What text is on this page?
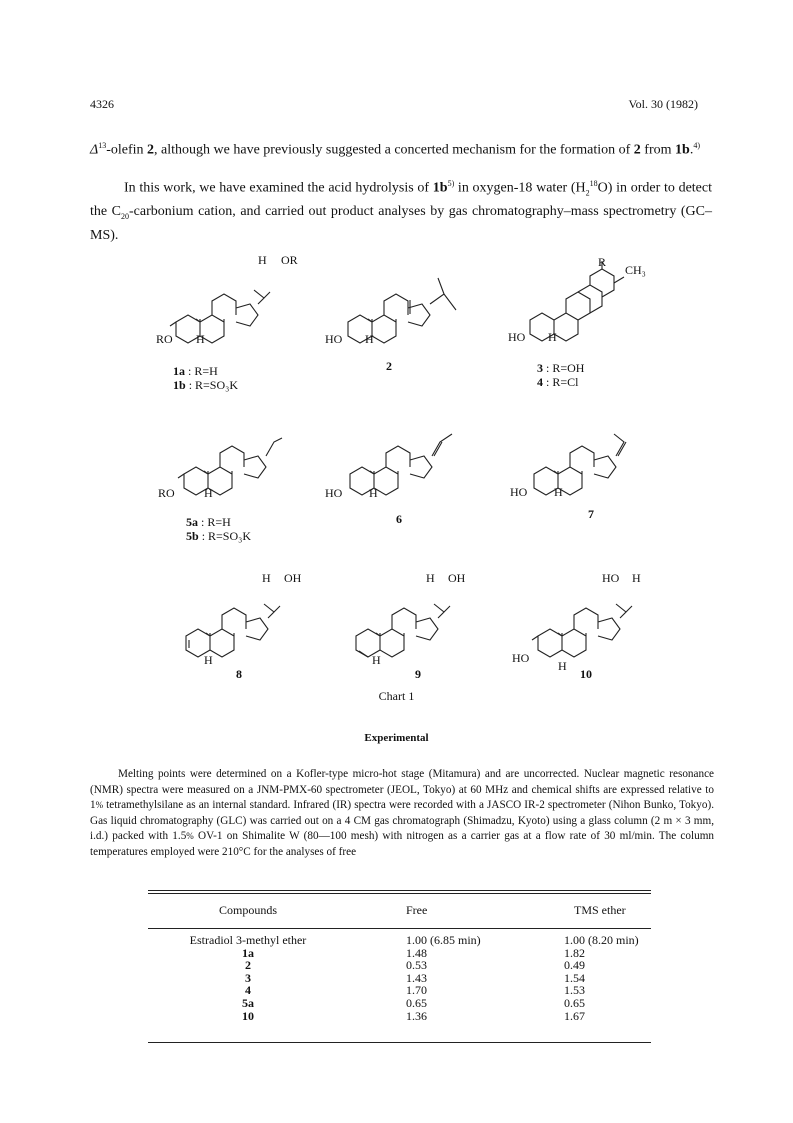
4326	Vol. 30 (1982)
$\Delta^{13}$-olefin 2, although we have previously suggested a concerted mechanism for the formation of 2 from 1b.$^{4)}$
In this work, we have examined the acid hydrolysis of $1b^{5)}$ in oxygen-18 water $(H_2^{18}O)$ in order to detect the $C_{20}$-carbonium cation, and carried out product analyses by gas chromatography–mass spectrometry (GC–MS).
H OR
RO H	HO H
R
CH₃
HO H
RO H	HO H	HO H
H OH
H
H OH
H
HO H
HO
H
1a : R=H
1b : R=SO₃K
2	3 : R=OH
4 : R=Cl
5a : R=H
5b : R=SO₃K
6	7
8	9	10
Chart 1
Experimental
Melting points were determined on a Kofler-type micro-hot stage (Mitamura) and are uncorrected. Nuclear magnetic resonance (NMR) spectra were measured on a JNM-PMX-60 spectrometer (JEOL, Tokyo) at 60 MHz and chemical shifts are expressed relative to 1% tetramethylsilane as an internal standard. Infrared (IR) spectra were recorded with a JASCO IR-2 spectrometer (Nihon Bunko, Tokyo). Gas liquid chromatography (GLC) was carried out on a 4 CM gas chromatograph (Shimadzu, Kyoto) using a glass column (2 m × 3 mm, i.d.) packed with 1.5% OV-1 on Shimalite W (80—100 mesh) with nitrogen as a carrier gas at a flow rate of 30 ml/min. The column temperatures employed were 210°C for the analyses of free
Compounds	Free	TMS ether

Estradiol 3-methyl ether	1.00 (6.85 min)	1.00 (8.20 min)
1a	1.48	1.82
2	0.53	0.49
3	1.43	1.54
4	1.70	1.53
5a	0.65	0.65
10	1.36	1.67
